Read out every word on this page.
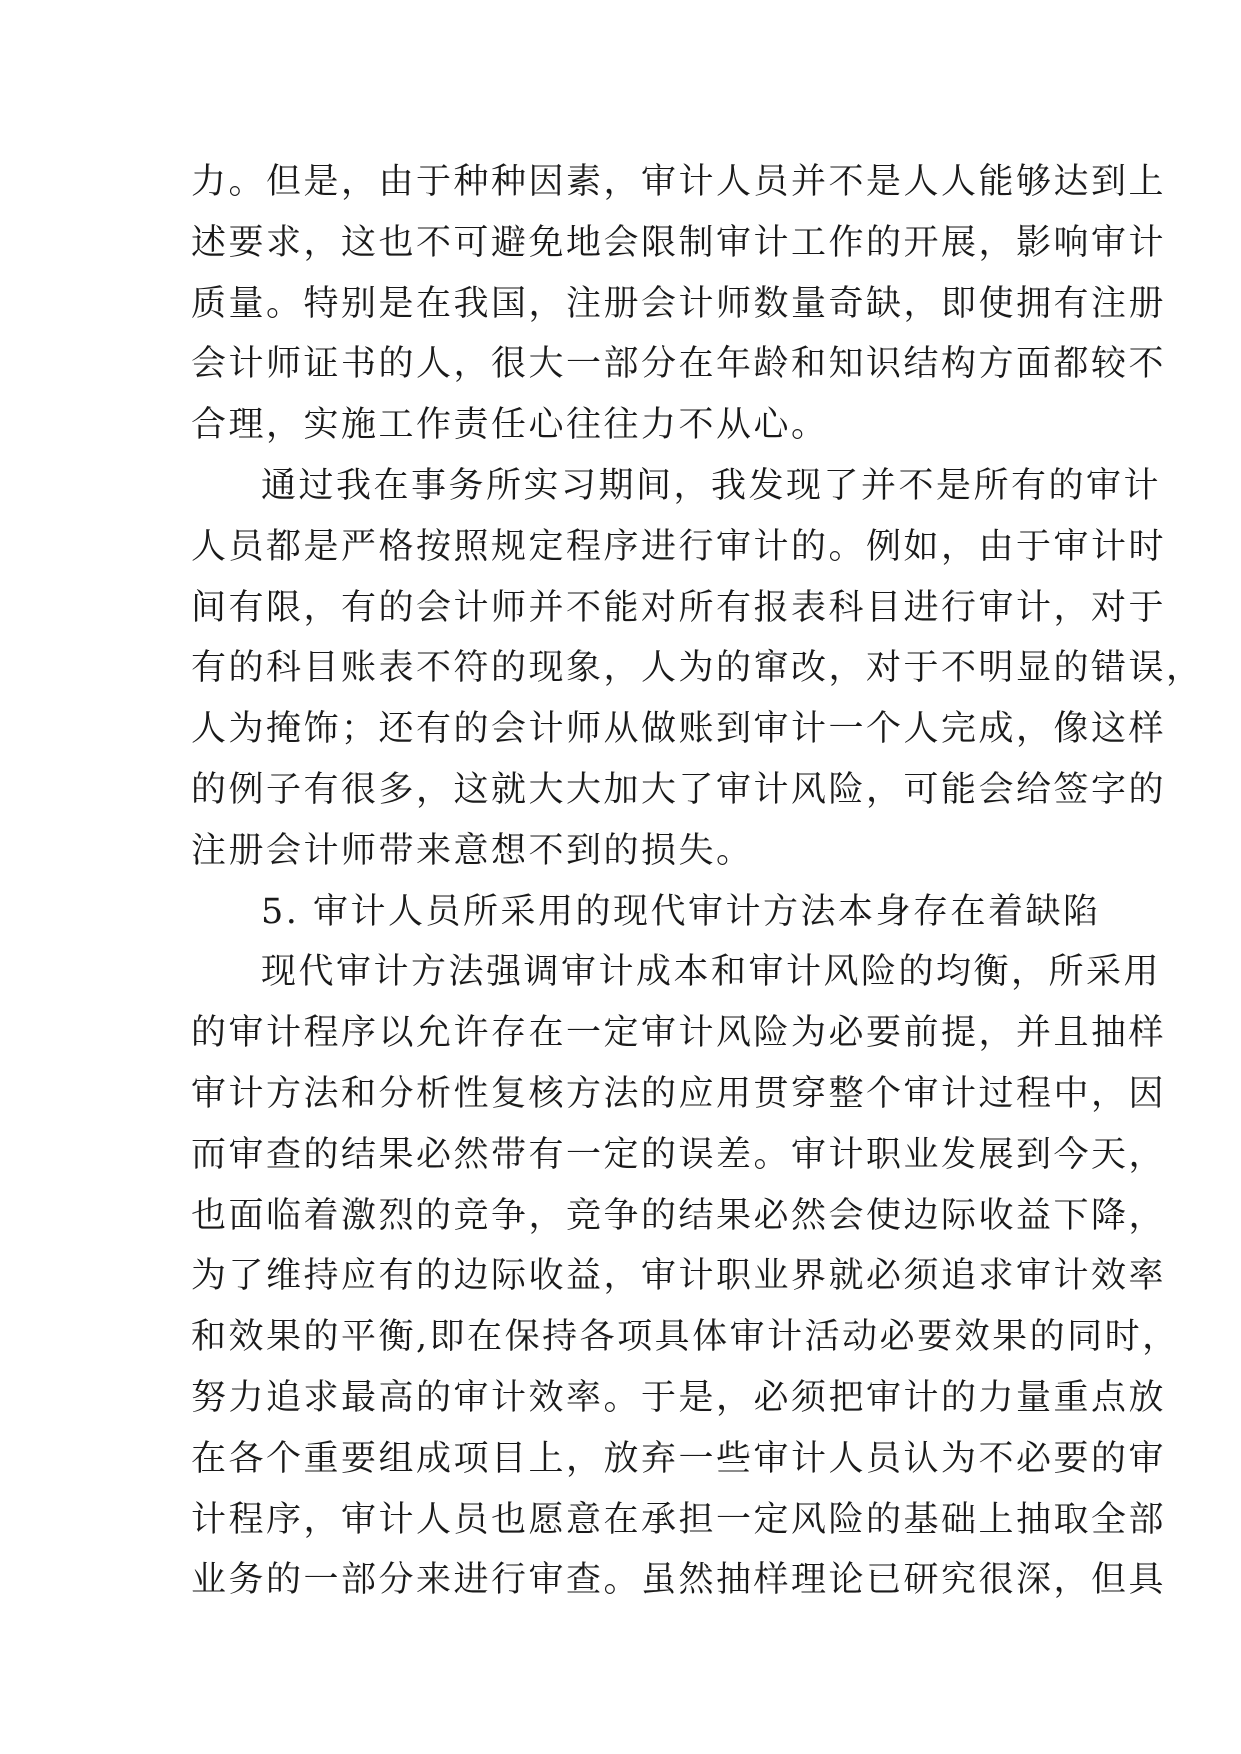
力。但是，由于种种因素，审计人员并不是人人能够达到上
述要求，这也不可避免地会限制审计工作的开展，影响审计
质量。特别是在我国，注册会计师数量奇缺，即使拥有注册
会计师证书的人，很大一部分在年龄和知识结构方面都较不
合理，实施工作责任心往往力不从心。
通过我在事务所实习期间，我发现了并不是所有的审计
人员都是严格按照规定程序进行审计的。例如，由于审计时
间有限，有的会计师并不能对所有报表科目进行审计，对于
有的科目账表不符的现象，人为的窜改，对于不明显的错误，
人为掩饰；还有的会计师从做账到审计一个人完成，像这样
的例子有很多，这就大大加大了审计风险，可能会给签字的
注册会计师带来意想不到的损失。
5. 审计人员所采用的现代审计方法本身存在着缺陷
现代审计方法强调审计成本和审计风险的均衡，所采用
的审计程序以允许存在一定审计风险为必要前提，并且抽样
审计方法和分析性复核方法的应用贯穿整个审计过程中，因
而审查的结果必然带有一定的误差。审计职业发展到今天，
也面临着激烈的竞争，竞争的结果必然会使边际收益下降，
为了维持应有的边际收益，审计职业界就必须追求审计效率
和效果的平衡,即在保持各项具体审计活动必要效果的同时，
努力追求最高的审计效率。于是，必须把审计的力量重点放
在各个重要组成项目上，放弃一些审计人员认为不必要的审
计程序，审计人员也愿意在承担一定风险的基础上抽取全部
业务的一部分来进行审查。虽然抽样理论已研究很深，但具
